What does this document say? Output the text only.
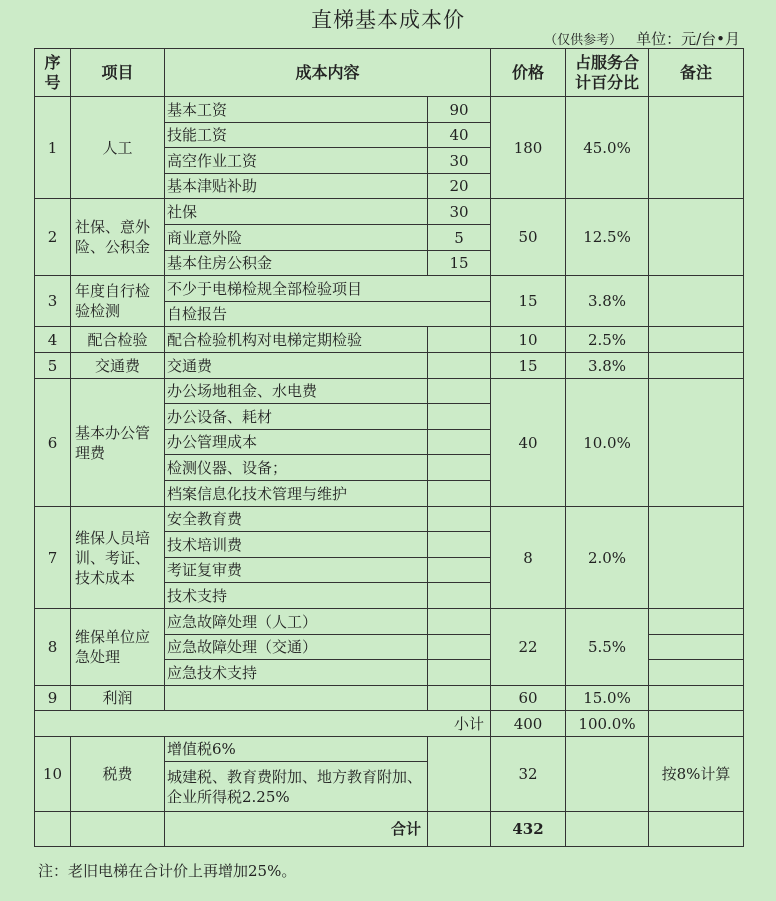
直梯基本成本价
（仅供参考） 单位：元/台•月
序号	项目	成本内容		价格	占服务合计百分比	备注
1	人工	基本工资	90	180	45.0%	
		技能工资	40			
		高空作业工资	30			
		基本津贴补助	20			
2	社保、意外险、公积金	社保	30	50	12.5%	
		商业意外险	5			
		基本住房公积金	15			
3	年度自行检验检测	不少于电梯检规全部检验项目		15	3.8%	
		自检报告				
4	配合检验	配合检验机构对电梯定期检验		10	2.5%	
5	交通费	交通费		15	3.8%	
6	基本办公管理费	办公场地租金、水电费		40	10.0%	
		办公设备、耗材				
		办公管理成本				
		检测仪器、设备；				
		档案信息化技术管理与维护				
7	维保人员培训、考证、技术成本	安全教育费		8	2.0%	
		技术培训费				
		考证复审费				
		技术支持				
8	维保单位应急处理	应急故障处理（人工）		22	5.5%	
		应急故障处理（交通）				
		应急技术支持				
9	利润			60	15.0%	
小计				400	100.0%	
10	税费	增值税6%		32		按8%计算
		城建税、教育费附加、地方教育附加、企业所得税2.25%				
		合计		432		
注：老旧电梯在合计价上再增加25%。
